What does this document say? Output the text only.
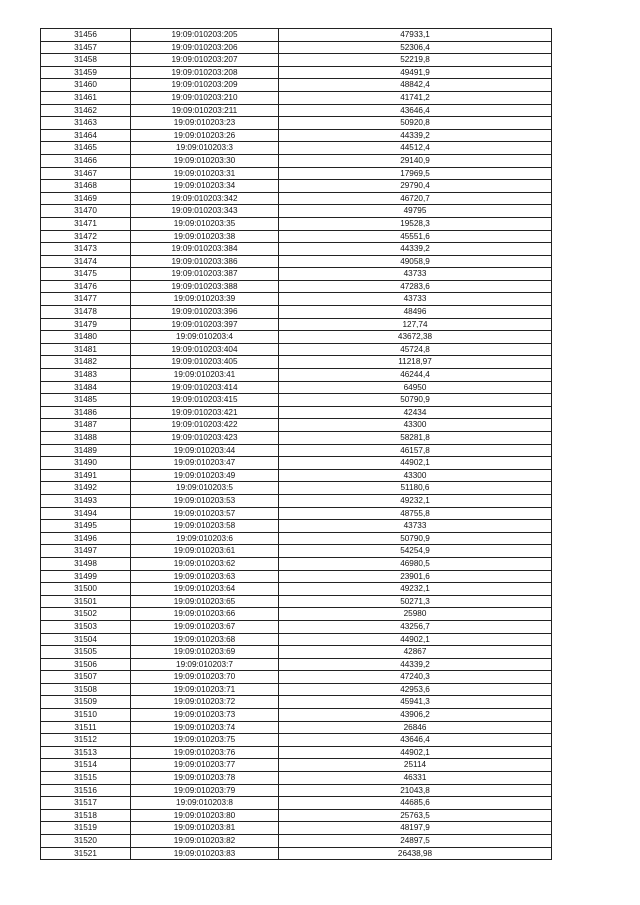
31456	19:09:010203:205	47933,1
31457	19:09:010203:206	52306,4
31458	19:09:010203:207	52219,8
31459	19:09:010203:208	49491,9
31460	19:09:010203:209	48842,4
31461	19:09:010203:210	41741,2
31462	19:09:010203:211	43646,4
31463	19:09:010203:23	50920,8
31464	19:09:010203:26	44339,2
31465	19:09:010203:3	44512,4
31466	19:09:010203:30	29140,9
31467	19:09:010203:31	17969,5
31468	19:09:010203:34	29790,4
31469	19:09:010203:342	46720,7
31470	19:09:010203:343	49795
31471	19:09:010203:35	19528,3
31472	19:09:010203:38	45551,6
31473	19:09:010203:384	44339,2
31474	19:09:010203:386	49058,9
31475	19:09:010203:387	43733
31476	19:09:010203:388	47283,6
31477	19:09:010203:39	43733
31478	19:09:010203:396	48496
31479	19:09:010203:397	127,74
31480	19:09:010203:4	43672,38
31481	19:09:010203:404	45724,8
31482	19:09:010203:405	11218,97
31483	19:09:010203:41	46244,4
31484	19:09:010203:414	64950
31485	19:09:010203:415	50790,9
31486	19:09:010203:421	42434
31487	19:09:010203:422	43300
31488	19:09:010203:423	58281,8
31489	19:09:010203:44	46157,8
31490	19:09:010203:47	44902,1
31491	19:09:010203:49	43300
31492	19:09:010203:5	51180,6
31493	19:09:010203:53	49232,1
31494	19:09:010203:57	48755,8
31495	19:09:010203:58	43733
31496	19:09:010203:6	50790,9
31497	19:09:010203:61	54254,9
31498	19:09:010203:62	46980,5
31499	19:09:010203:63	23901,6
31500	19:09:010203:64	49232,1
31501	19:09:010203:65	50271,3
31502	19:09:010203:66	25980
31503	19:09:010203:67	43256,7
31504	19:09:010203:68	44902,1
31505	19:09:010203:69	42867
31506	19:09:010203:7	44339,2
31507	19:09:010203:70	47240,3
31508	19:09:010203:71	42953,6
31509	19:09:010203:72	45941,3
31510	19:09:010203:73	43906,2
31511	19:09:010203:74	26846
31512	19:09:010203:75	43646,4
31513	19:09:010203:76	44902,1
31514	19:09:010203:77	25114
31515	19:09:010203:78	46331
31516	19:09:010203:79	21043,8
31517	19:09:010203:8	44685,6
31518	19:09:010203:80	25763,5
31519	19:09:010203:81	48197,9
31520	19:09:010203:82	24897,5
31521	19:09:010203:83	26438,98
